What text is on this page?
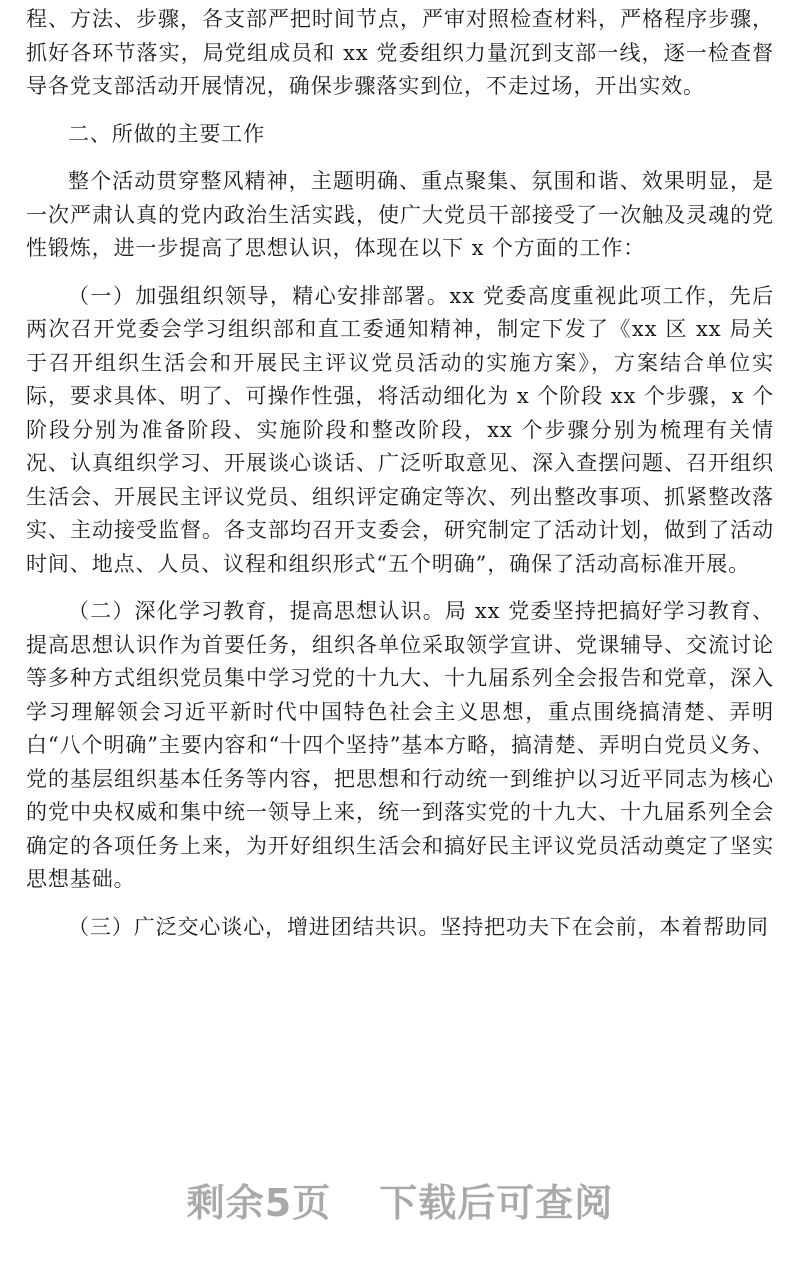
程、方法、步骤，各支部严把时间节点，严审对照检查材料，严格程序步骤，抓好各环节落实，局党组成员和 xx 党委组织力量沉到支部一线，逐一检查督导各党支部活动开展情况，确保步骤落实到位，不走过场，开出实效。

二、所做的主要工作

整个活动贯穿整风精神，主题明确、重点聚集、氛围和谐、效果明显，是一次严肃认真的党内政治生活实践，使广大党员干部接受了一次触及灵魂的党性锻炼，进一步提高了思想认识，体现在以下 x 个方面的工作：

（一）加强组织领导，精心安排部署。xx 党委高度重视此项工作，先后两次召开党委会学习组织部和直工委通知精神，制定下发了《xx 区 xx 局关于召开组织生活会和开展民主评议党员活动的实施方案》，方案结合单位实际，要求具体、明了、可操作性强，将活动细化为 x 个阶段 xx 个步骤，x 个阶段分别为准备阶段、实施阶段和整改阶段，xx 个步骤分别为梳理有关情况、认真组织学习、开展谈心谈话、广泛听取意见、深入查摆问题、召开组织生活会、开展民主评议党员、组织评定确定等次、列出整改事项、抓紧整改落实、主动接受监督。各支部均召开支委会，研究制定了活动计划，做到了活动时间、地点、人员、议程和组织形式“五个明确”，确保了活动高标准开展。

（二）深化学习教育，提高思想认识。局 xx 党委坚持把搞好学习教育、提高思想认识作为首要任务，组织各单位采取领学宣讲、党课辅导、交流讨论等多种方式组织党员集中学习党的十九大、十九届系列全会报告和党章，深入学习理解领会习近平新时代中国特色社会主义思想，重点围绕搞清楚、弄明白“八个明确”主要内容和“十四个坚持”基本方略，搞清楚、弄明白党员义务、党的基层组织基本任务等内容，把思想和行动统一到维护以习近平同志为核心的党中央权威和集中统一领导上来，统一到落实党的十九大、十九届系列全会确定的各项任务上来，为开好组织生活会和搞好民主评议党员活动奠定了坚实思想基础。

（三）广泛交心谈心，增进团结共识。坚持把功夫下在会前，本着帮助同

剩余5页 下载后可查阅
